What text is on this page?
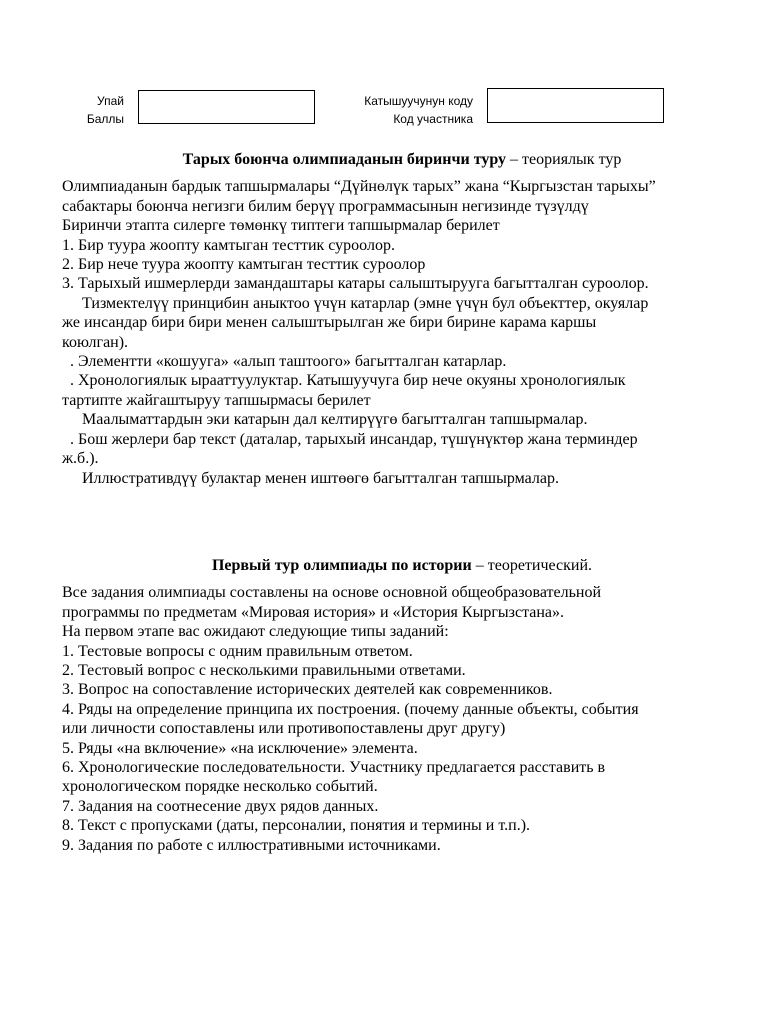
Упай
Баллы
Катышуучунун коду
Код участника

Тарых боюнча олимпиаданын биринчи туру – теориялык тур

Олимпиаданын бардык тапшырмалары “Дүйнөлүк тарых” жана “Кыргызстан тарыхы”

сабактары боюнча негизги билим берүү программасынын негизинде түзүлдү

Биринчи этапта силерге төмөнкү типтеги тапшырмалар берилет

1. Бир туура жоопту камтыган тесттик суроолор.

2. Бир нече туура жоопту камтыган тесттик суроолор

3. Тарыхый ишмерлерди замандаштары катары салыштырууга багытталган суроолор.

Тизмектелүү принцибин аныктоо үчүн катарлар (эмне үчүн бул объекттер, окуялар

же инсандар бири бири менен салыштырылган же бири бирине карама каршы

коюлган).

. Элементти «кошууга» «алып таштоого» багытталган катарлар.

. Хронологиялык ырааттуулуктар. Катышуучуга бир нече окуяны хронологиялык

тартипте жайгаштыруу тапшырмасы берилет

Маалыматтардын эки катарын дал келтирүүгө багытталган тапшырмалар.

. Бош жерлери бар текст (даталар, тарыхый инсандар, түшүнүктөр жана терминдер

ж.б.).

Иллюстративдүү булактар менен иштөөгө багытталган тапшырмалар.

Первый тур олимпиады по истории – теоретический.

Все задания олимпиады составлены на основе основной общеобразовательной

программы по предметам «Мировая история» и «История Кыргызстана».

На первом этапе вас ожидают следующие типы заданий:

1. Тестовые вопросы с одним правильным ответом.

2. Тестовый вопрос с несколькими правильными ответами.

3. Вопрос на сопоставление исторических деятелей как современников.

4. Ряды на определение принципа их построения. (почему данные объекты, события

или личности сопоставлены или противопоставлены друг другу)

5. Ряды «на включение» «на исключение» элемента.

6. Хронологические последовательности. Участнику предлагается расставить в

хронологическом порядке несколько событий.

7. Задания на соотнесение двух рядов данных.

8. Текст с пропусками (даты, персоналии, понятия и термины и т.п.).

9. Задания по работе с иллюстративными источниками.
